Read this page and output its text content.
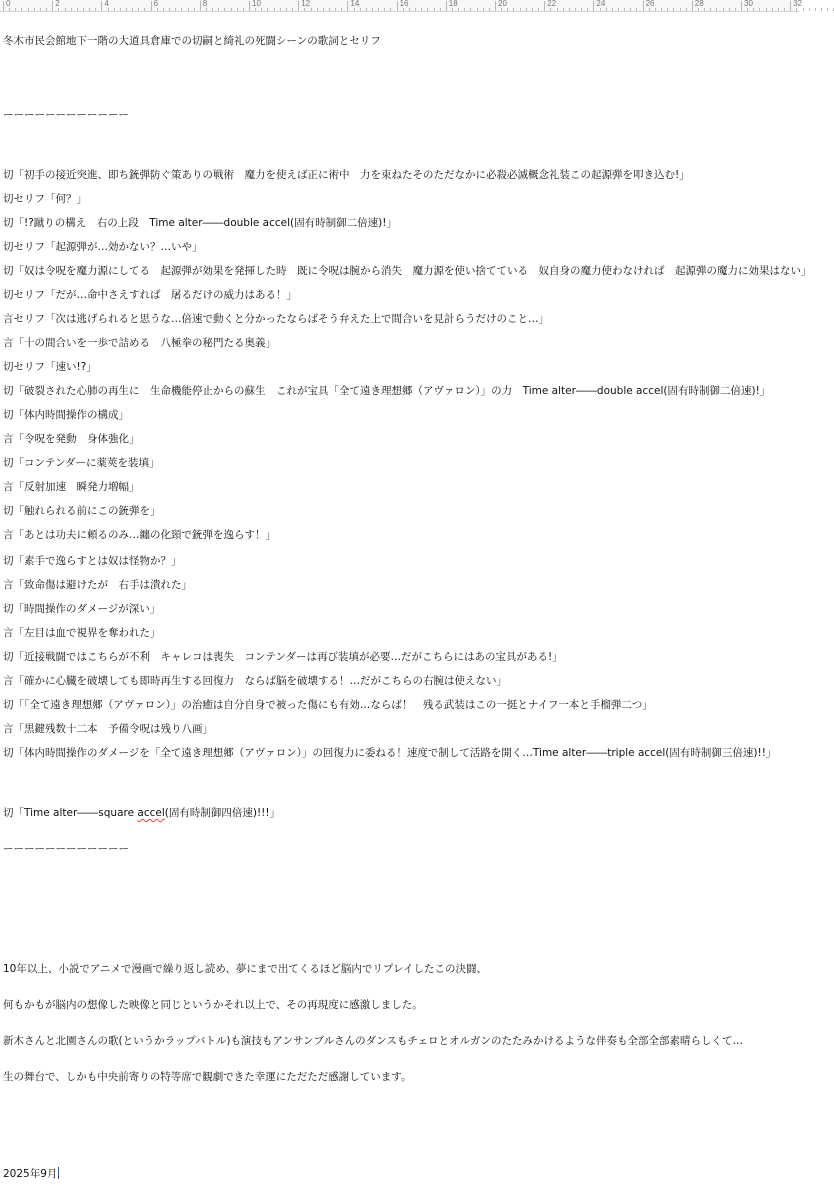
0	2	4	6	8	10	12	14	16	18	20	22	24	26	28	30	32

冬木市民会館地下一階の大道具倉庫での切嗣と綺礼の死闘シーンの歌詞とセリフ

ーーーーーーーーーーーー

切「初手の接近突進、即ち銃弾防ぐ策ありの戦術　魔力を使えば正に術中　力を束ねたそのただなかに必殺必滅概念礼装この起源弾を叩き込む!」
切セリフ「何？」
切「!?蹴りの構え　右の上段　Time alter――double accel(固有時制御二倍速)!」
切セリフ「起源弾が…効かない？…いや」
切「奴は令呪を魔力源にしてる　起源弾が効果を発揮した時　既に令呪は腕から消失　魔力源を使い捨てている　奴自身の魔力使わなければ　起源弾の魔力に効果はない」
切セリフ「だが…命中さえすれば　屠るだけの威力はある！」
言セリフ「次は逃げられると思うな…倍速で動くと分かったならばそう弁えた上で間合いを見計らうだけのこと…」
言「十の間合いを一歩で詰める　八極拳の秘門たる奥義」
切セリフ「速い!?」
切「破裂された心肺の再生に　生命機能停止からの蘇生　これが宝具「全て遠き理想郷（アヴァロン）」の力　Time alter――double accel(固有時制御二倍速)!」
切「体内時間操作の構成」
言「令呪を発動　身体強化」
切「コンテンダーに薬莢を装填」
言「反射加速　瞬発力増幅」
切「触れられる前にこの銃弾を」
言「あとは功夫に頼るのみ…纏の化頸で銃弾を逸らす！」
切「素手で逸らすとは奴は怪物か？」
言「致命傷は避けたが　右手は潰れた」
切「時間操作のダメージが深い」
言「左目は血で視界を奪われた」
切「近接戦闘ではこちらが不利　キャレコは喪失　コンテンダーは再び装填が必要…だがこちらにはあの宝具がある!」
言「確かに心臓を破壊しても即時再生する回復力　ならば脳を破壊する！…だがこちらの右腕は使えない」
切「「全て遠き理想郷（アヴァロン）」の治癒は自分自身で被った傷にも有効…ならば！　残る武装はこの一挺とナイフ一本と手榴弾二つ」
言「黒鍵残数十二本　予備令呪は残り八画」
切「体内時間操作のダメージを「全て遠き理想郷（アヴァロン）」の回復力に委ねる！速度で制して活路を開く…Time alter――triple accel(固有時制御三倍速)!!」

切「Time alter――square accel(固有時制御四倍速)!!!」

ーーーーーーーーーーーー

10年以上、小説でアニメで漫画で繰り返し読め、夢にまで出てくるほど脳内でリプレイしたこの決闘、

何もかもが脳内の想像した映像と同じというかそれ以上で、その再現度に感激しました。

新木さんと北園さんの歌(というかラップバトル)も演技もアンサンブルさんのダンスもチェロとオルガンのたたみかけるような伴奏も全部全部素晴らしくて…

生の舞台で、しかも中央前寄りの特等席で観劇できた幸運にただただ感謝しています。

2025年9月
